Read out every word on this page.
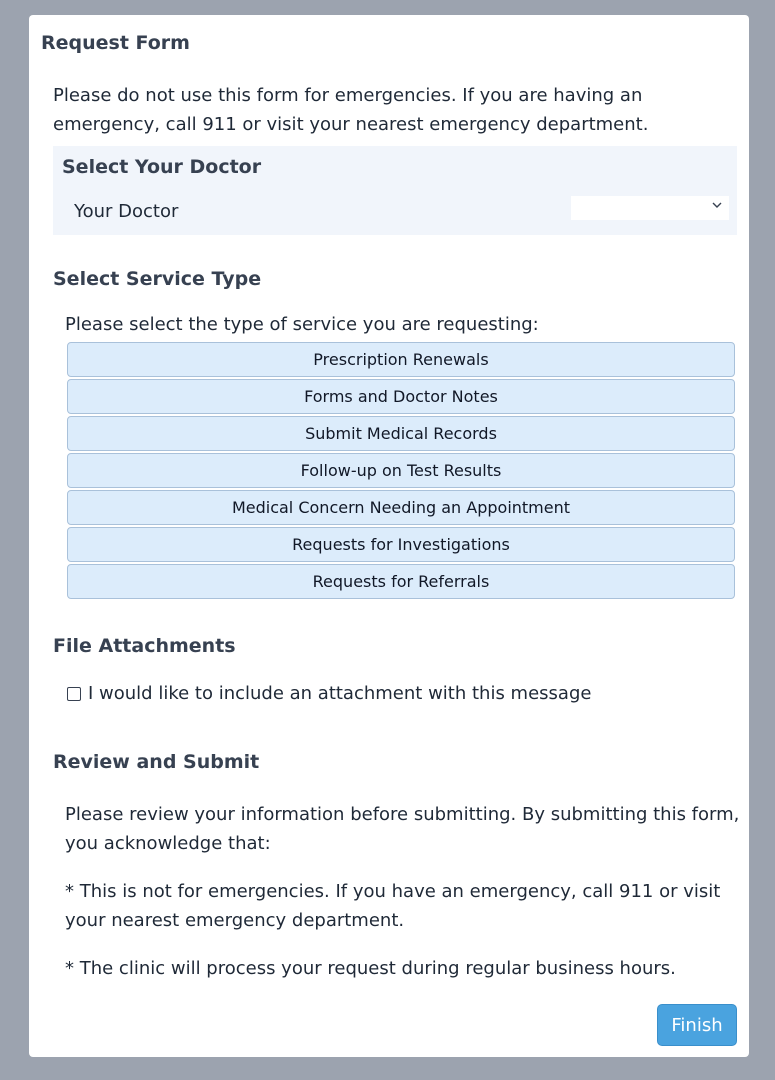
Request Form
Please do not use this form for emergencies. If you are having an emergency, call 911 or visit your nearest emergency department.
Select Your Doctor
Your Doctor
Select Service Type
Please select the type of service you are requesting:
Prescription Renewals
Forms and Doctor Notes
Submit Medical Records
Follow-up on Test Results
Medical Concern Needing an Appointment
Requests for Investigations
Requests for Referrals
File Attachments
I would like to include an attachment with this message
Review and Submit
Please review your information before submitting. By submitting this form, you acknowledge that:
* This is not for emergencies. If you have an emergency, call 911 or visit your nearest emergency department.
* The clinic will process your request during regular business hours.
Finish
